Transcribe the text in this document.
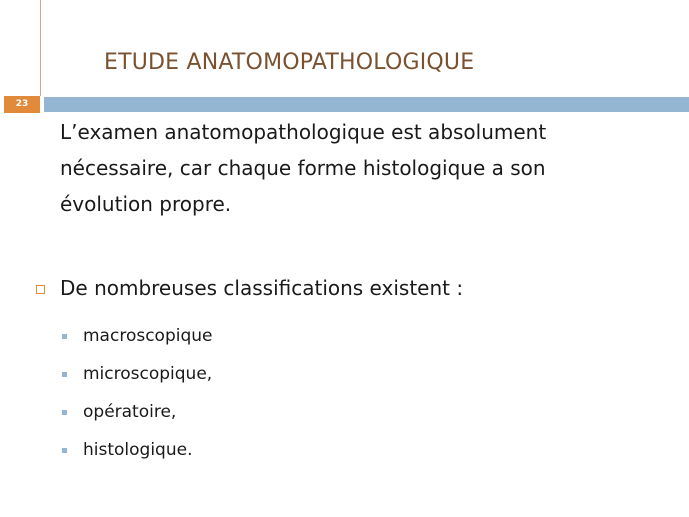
ETUDE ANATOMOPATHOLOGIQUE
23
L’examen anatomopathologique est absolument nécessaire, car chaque forme histologique a son évolution propre.
De nombreuses classifications existent :
macroscopique
microscopique,
opératoire,
histologique.
